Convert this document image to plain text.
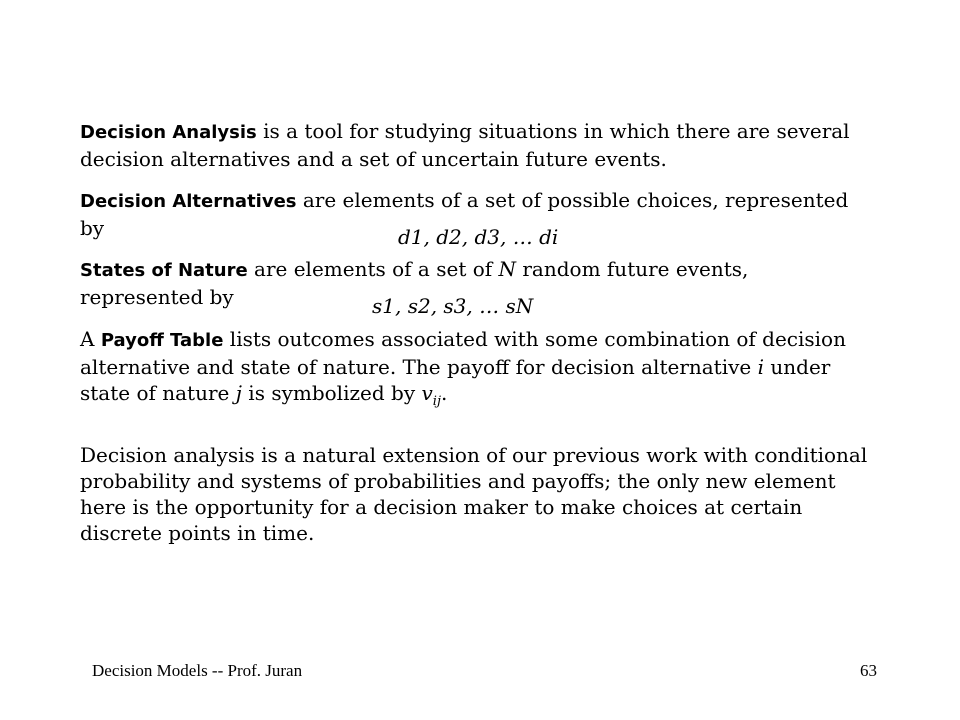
Decision Analysis is a tool for studying situations in which there are several decision alternatives and a set of uncertain future events.

Decision Alternatives are elements of a set of possible choices, represented by	d1, d2, d3, … di

States of Nature are elements of a set of N random future events, represented by	s1, s2, s3, … sN

A Payoff Table lists outcomes associated with some combination of decision alternative and state of nature. The payoff for decision alternative i under state of nature j is symbolized by $v_{ij}$.

Decision analysis is a natural extension of our previous work with conditional probability and systems of probabilities and payoffs; the only new element here is the opportunity for a decision maker to make choices at certain discrete points in time.

Decision Models -- Prof. Juran	63
